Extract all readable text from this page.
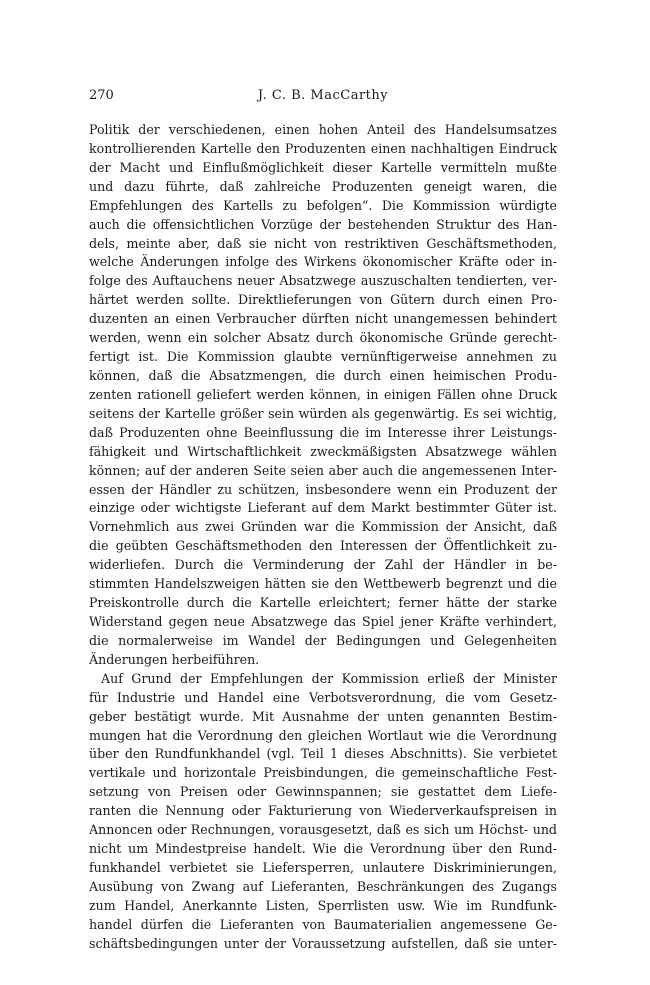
270	J. C. B. MacCarthy
Politik der verschiedenen, einen hohen Anteil des Handelsumsatzes
kontrollierenden Kartelle den Produzenten einen nachhaltigen Eindruck
der Macht und Einflußmöglichkeit dieser Kartelle vermitteln mußte
und dazu führte, daß zahlreiche Produzenten geneigt waren, die
Empfehlungen des Kartells zu befolgen“. Die Kommission würdigte
auch die offensichtlichen Vorzüge der bestehenden Struktur des Han-
dels, meinte aber, daß sie nicht von restriktiven Geschäftsmethoden,
welche Änderungen infolge des Wirkens ökonomischer Kräfte oder in-
folge des Auftauchens neuer Absatzwege auszuschalten tendierten, ver-
härtet werden sollte. Direktlieferungen von Gütern durch einen Pro-
duzenten an einen Verbraucher dürften nicht unangemessen behindert
werden, wenn ein solcher Absatz durch ökonomische Gründe gerecht-
fertigt ist. Die Kommission glaubte vernünftigerweise annehmen zu
können, daß die Absatzmengen, die durch einen heimischen Produ-
zenten rationell geliefert werden können, in einigen Fällen ohne Druck
seitens der Kartelle größer sein würden als gegenwärtig. Es sei wichtig,
daß Produzenten ohne Beeinflussung die im Interesse ihrer Leistungs-
fähigkeit und Wirtschaftlichkeit zweckmäßigsten Absatzwege wählen
können; auf der anderen Seite seien aber auch die angemessenen Inter-
essen der Händler zu schützen, insbesondere wenn ein Produzent der
einzige oder wichtigste Lieferant auf dem Markt bestimmter Güter ist.
Vornehmlich aus zwei Gründen war die Kommission der Ansicht, daß
die geübten Geschäftsmethoden den Interessen der Öffentlichkeit zu-
widerliefen. Durch die Verminderung der Zahl der Händler in be-
stimmten Handelszweigen hätten sie den Wettbewerb begrenzt und die
Preiskontrolle durch die Kartelle erleichtert; ferner hätte der starke
Widerstand gegen neue Absatzwege das Spiel jener Kräfte verhindert,
die normalerweise im Wandel der Bedingungen und Gelegenheiten
Änderungen herbeiführen.
Auf Grund der Empfehlungen der Kommission erließ der Minister
für Industrie und Handel eine Verbotsverordnung, die vom Gesetz-
geber bestätigt wurde. Mit Ausnahme der unten genannten Bestim-
mungen hat die Verordnung den gleichen Wortlaut wie die Verordnung
über den Rundfunkhandel (vgl. Teil 1 dieses Abschnitts). Sie verbietet
vertikale und horizontale Preisbindungen, die gemeinschaftliche Fest-
setzung von Preisen oder Gewinnspannen; sie gestattet dem Liefe-
ranten die Nennung oder Fakturierung von Wiederverkaufspreisen in
Annoncen oder Rechnungen, vorausgesetzt, daß es sich um Höchst- und
nicht um Mindestpreise handelt. Wie die Verordnung über den Rund-
funkhandel verbietet sie Liefersperren, unlautere Diskriminierungen,
Ausübung von Zwang auf Lieferanten, Beschränkungen des Zugangs
zum Handel, Anerkannte Listen, Sperrlisten usw. Wie im Rundfunk-
handel dürfen die Lieferanten von Baumaterialien angemessene Ge-
schäftsbedingungen unter der Voraussetzung aufstellen, daß sie unter-
